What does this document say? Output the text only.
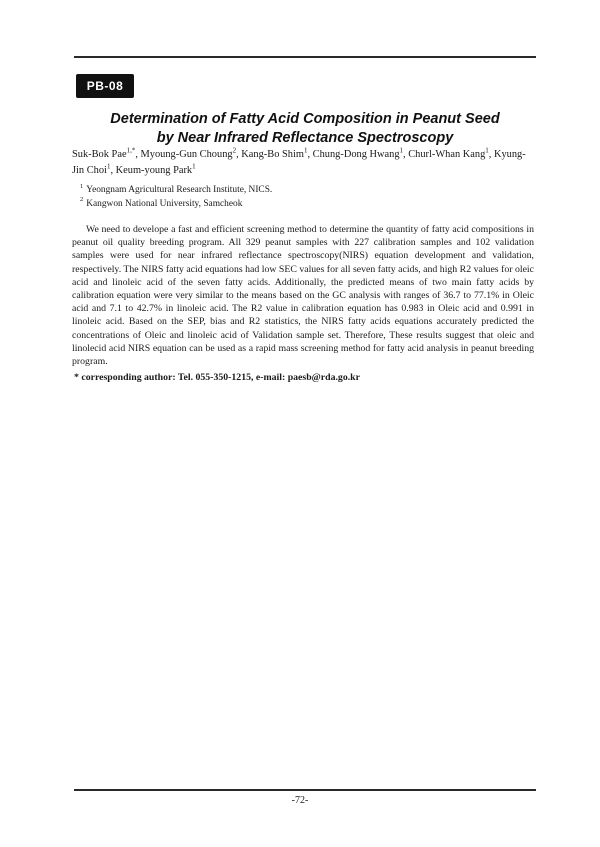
PB-08
Determination of Fatty Acid Composition in Peanut Seed
by Near Infrared Reflectance Spectroscopy
Suk-Bok Pae$^{1,*}$, Myoung-Gun Choung$^2$, Kang-Bo Shim$^1$, Chung-Dong Hwang$^1$, Churl-Whan Kang$^1$, Kyung-Jin Choi$^1$, Keum-young Park$^1$
$^1$ Yeongnam Agricultural Research Institute, NICS.
$^2$ Kangwon National University, Samcheok

We need to develope a fast and efficient screening method to determine the quantity of fatty acid compositions in peanut oil quality breeding program. All 329 peanut samples with 227 calibration samples and 102 validation samples were used for near infrared reflectance spectroscopy(NIRS) equation development and validation, respectively. The NIRS fatty acid equations had low SEC values for all seven fatty acids, and high R2 values for oleic acid and linoleic acid of the seven fatty acids. Additionally, the predicted means of two main fatty acids by calibration equation were very similar to the means based on the GC analysis with ranges of 36.7 to 77.1% in Oleic acid and 7.1 to 42.7% in linoleic acid. The R2 value in calibration equation has 0.983 in Oleic acid and 0.991 in linoleic acid. Based on the SEP, bias and R2 statistics, the NIRS fatty acids equations accurately predicted the concentrations of Oleic and linoleic acid of Validation sample set. Therefore, These results suggest that oleic and linolecid acid NIRS equation can be used as a rapid mass screening method for fatty acid analysis in peanut breeding program.

* corresponding author: Tel. 055-350-1215, e-mail: paesb@rda.go.kr
-72-
